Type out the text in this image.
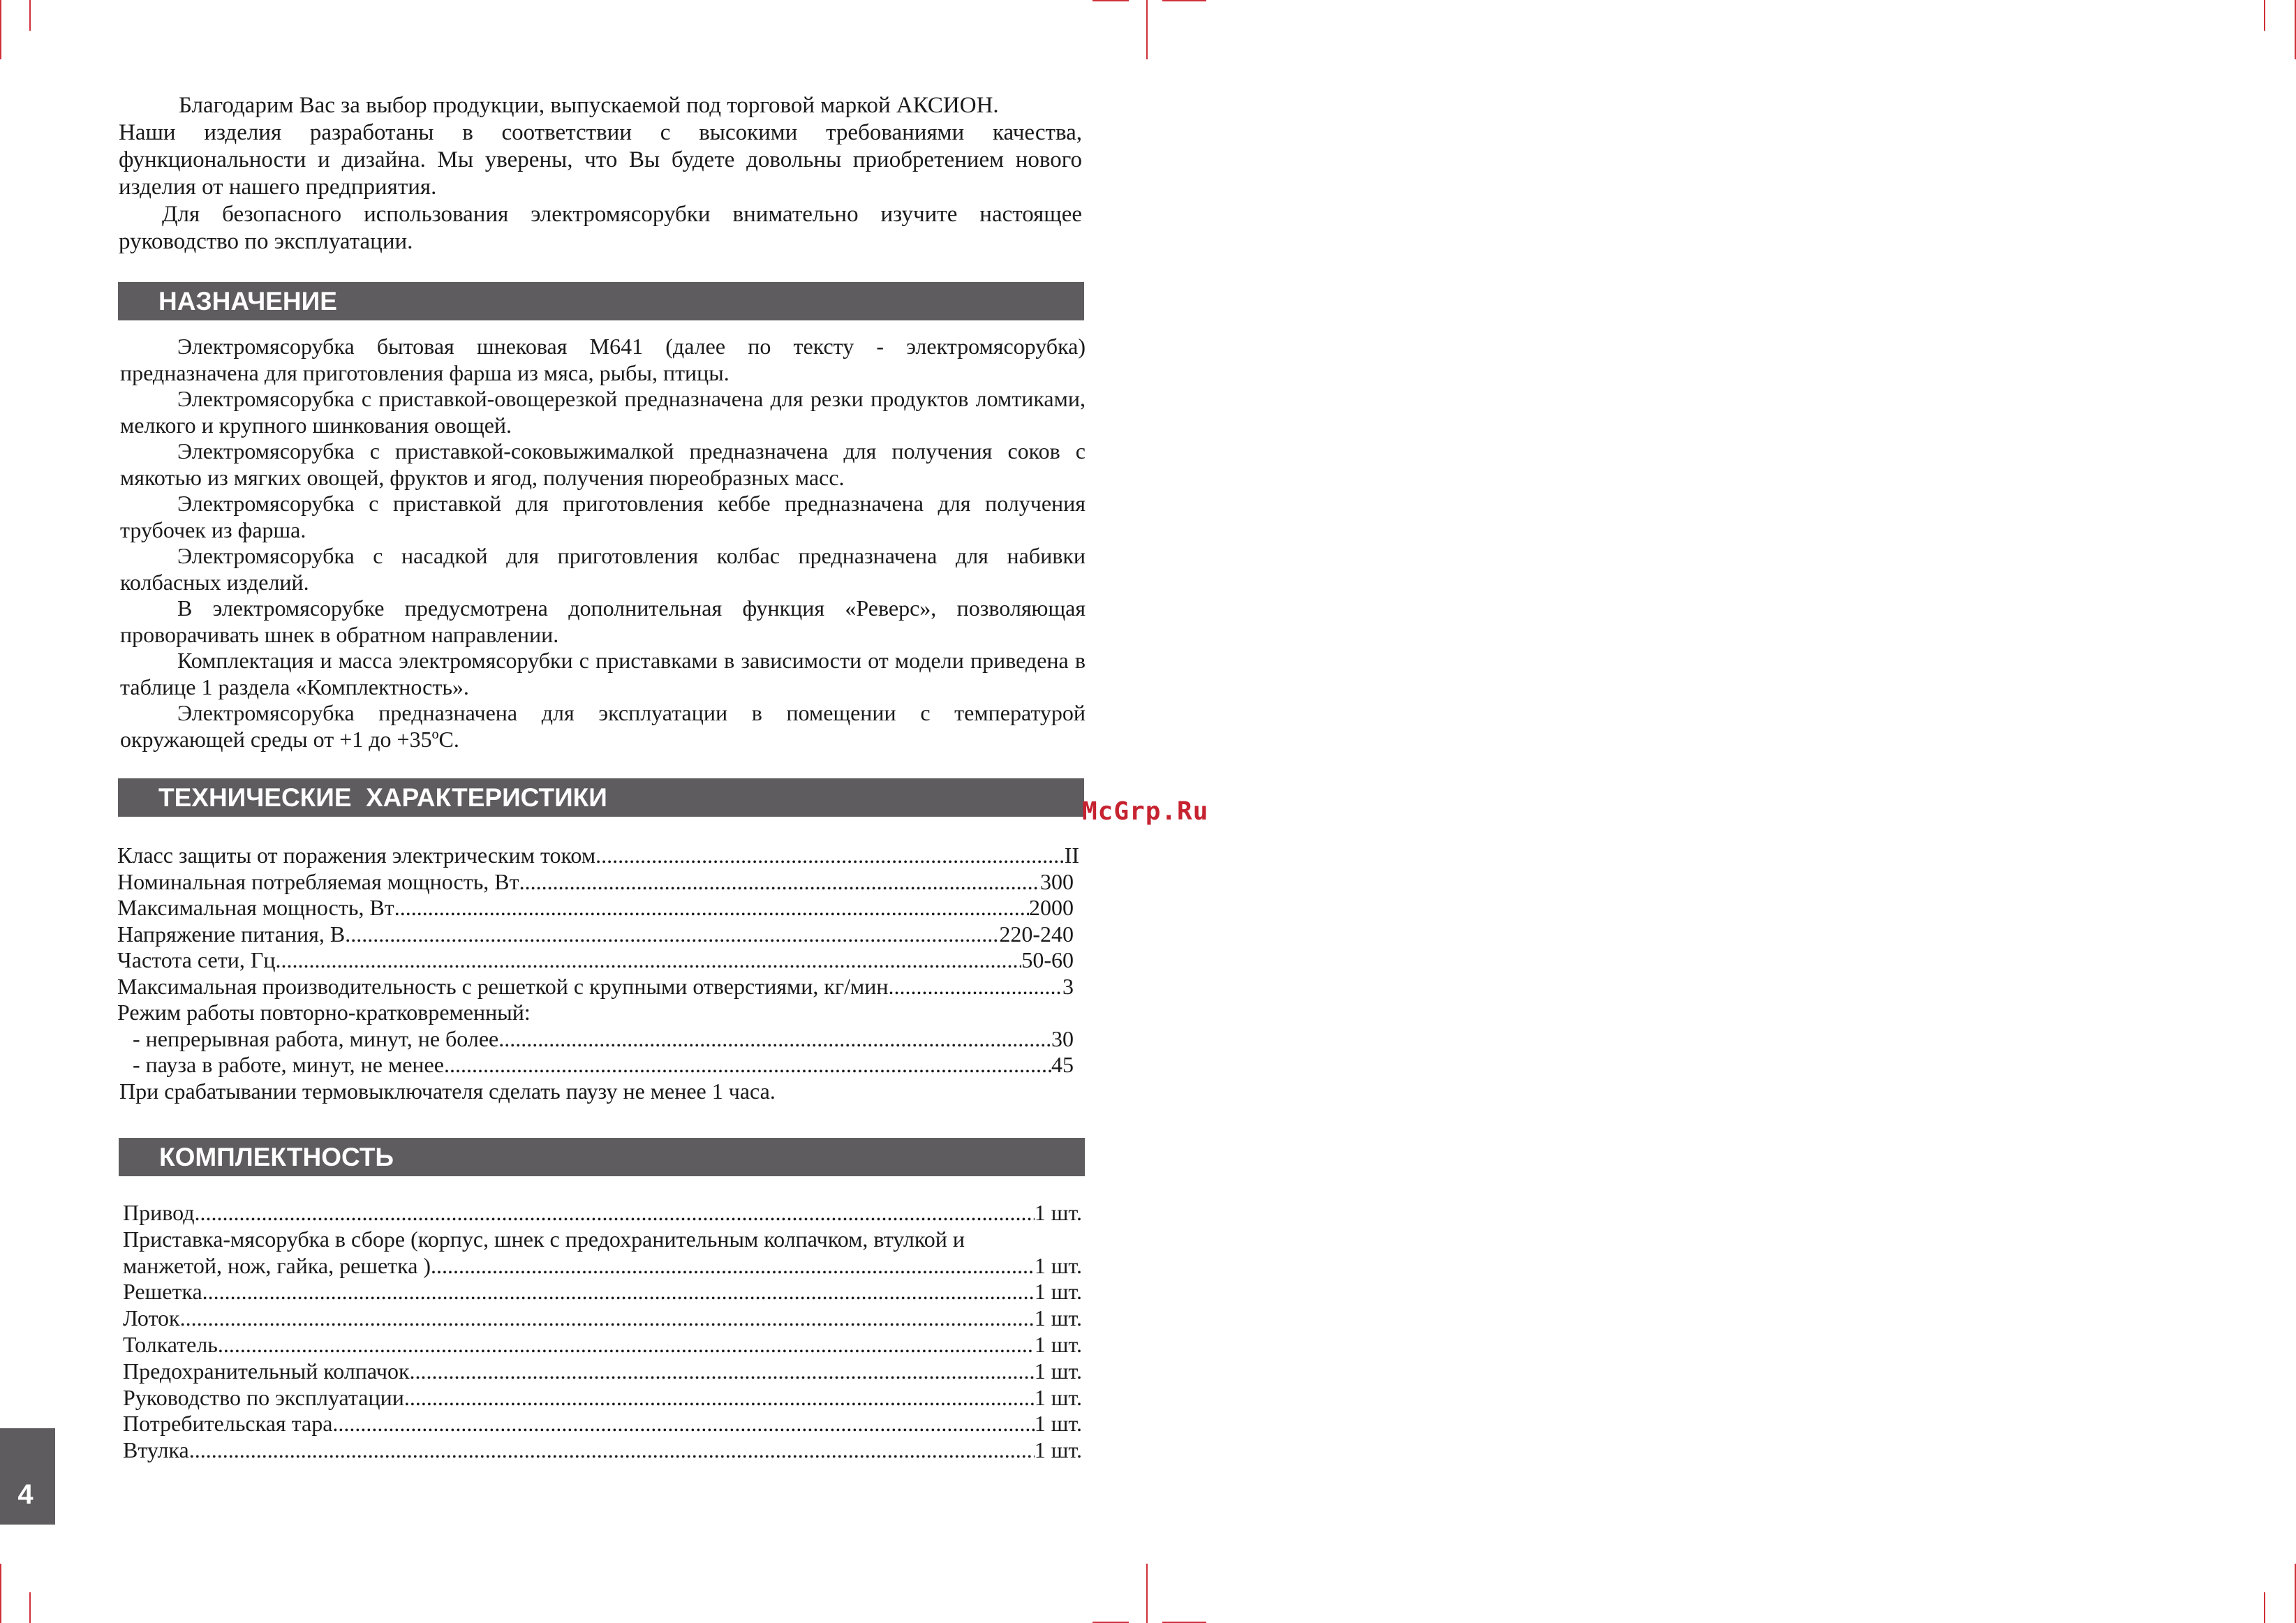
Благодарим Вас за выбор продукции, выпускаемой под торговой маркой АКСИОН.

Наши изделия разработаны в соответствии с высокими требованиями качества, функциональности и дизайна. Мы уверены, что Вы будете довольны приобретением нового изделия от нашего предприятия.

Для безопасного использования электромясорубки внимательно изучите настоящее руководство по эксплуатации.

НАЗНАЧЕНИЕ

Электромясорубка бытовая шнековая М641 (далее по тексту - электромясорубка) предназначена для приготовления фарша из мяса, рыбы, птицы.

Электромясорубка с приставкой-овощерезкой предназначена для резки продуктов ломтиками, мелкого и крупного шинкования овощей.

Электромясорубка с приставкой-соковыжималкой предназначена для получения соков с мякотью из мягких овощей, фруктов и ягод, получения пюреобразных масс.

Электромясорубка с приставкой для приготовления кеббе предназначена для получения трубочек из фарша.

Электромясорубка с насадкой для приготовления колбас предназначена для набивки колбасных изделий.

В электромясорубке предусмотрена дополнительная функция «Реверс», позволяющая проворачивать шнек в обратном направлении.

Комплектация и масса электромясорубки с приставками в зависимости от модели приведена в таблице 1 раздела «Комплектность».

Электромясорубка предназначена для эксплуатации в помещении с температурой окружающей среды от +1 до +35ºС.

ТЕХНИЧЕСКИЕ  ХАРАКТЕРИСТИКИ
Класс защиты от поражения электрическим током .....	II
Номинальная потребляемая мощность, Вт .....	300
Максимальная мощность, Вт .....	2000
Напряжение питания, В .....	220-240
Частота сети, Гц .....	50-60
Максимальная производительность с решеткой с крупными отверстиями, кг/мин .....	3
Режим работы повторно-кратковременный:
- непрерывная работа, минут, не более .....	30
- пауза в работе, минут, не менее .....	45
При срабатывании термовыключателя сделать паузу не менее 1 часа.
КОМПЛЕКТНОСТЬ
Привод .....	1 шт.
Приставка-мясорубка в сборе (корпус, шнек с предохранительным колпачком, втулкой и
манжетой, нож, гайка, решетка ) .....	1 шт.
Решетка .....	1 шт.
Лоток .....	1 шт.
Толкатель .....	1 шт.
Предохранительный колпачок .....	1 шт.
Руководство по эксплуатации .....	1 шт.
Потребительская тара .....	1 шт.
Втулка .....	1 шт.
4
McGrp.Ru
